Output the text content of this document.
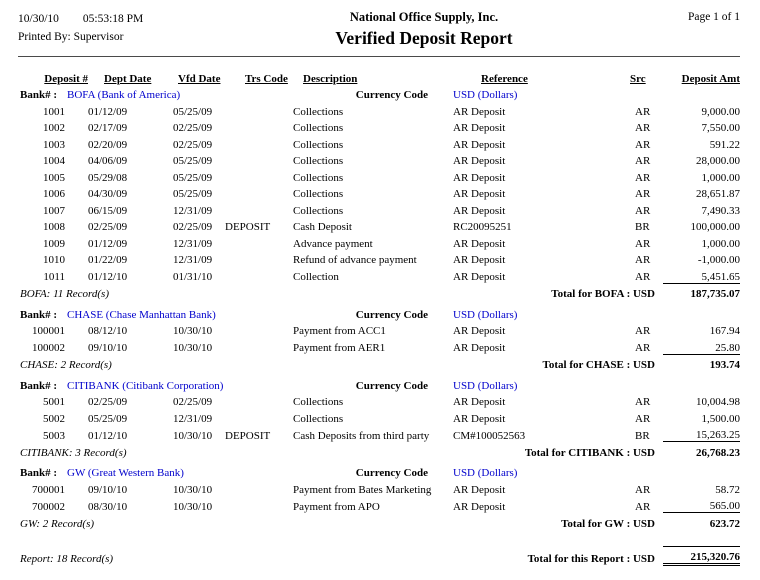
10/30/10 05:53:18 PM
Printed By: Supervisor
National Office Supply, Inc.
Verified Deposit Report
Page 1 of 1
Deposit #	Dept Date	Vfd Date	Trs Code	Description	Reference	Src	Deposit Amt
Bank# : BOFA (Bank of America)				Currency Code	USD (Dollars)		
1001	01/12/09	05/25/09		Collections	AR Deposit	AR	9,000.00
1002	02/17/09	02/25/09		Collections	AR Deposit	AR	7,550.00
1003	02/20/09	02/25/09		Collections	AR Deposit	AR	591.22
1004	04/06/09	05/25/09		Collections	AR Deposit	AR	28,000.00
1005	05/29/08	05/25/09		Collections	AR Deposit	AR	1,000.00
1006	04/30/09	05/25/09		Collections	AR Deposit	AR	28,651.87
1007	06/15/09	12/31/09		Collections	AR Deposit	AR	7,490.33
1008	02/25/09	02/25/09	DEPOSIT	Cash Deposit	RC20095251	BR	100,000.00
1009	01/12/09	12/31/09		Advance payment	AR Deposit	AR	1,000.00
1010	01/22/09	12/31/09		Refund of advance payment	AR Deposit	AR	-1,000.00
1011	01/12/10	01/31/10		Collection	AR Deposit	AR	5,451.65
BOFA: 11 Record(s)				Total for BOFA : USD			187,735.07

Bank# : CHASE (Chase Manhattan Bank)				Currency Code	USD (Dollars)		
100001	08/12/10	10/30/10		Payment from ACC1	AR Deposit	AR	167.94
100002	09/10/10	10/30/10		Payment from AER1	AR Deposit	AR	25.80
CHASE: 2 Record(s)				Total for CHASE : USD			193.74

Bank# : CITIBANK (Citibank Corporation)				Currency Code	USD (Dollars)		
5001	02/25/09	02/25/09		Collections	AR Deposit	AR	10,004.98
5002	05/25/09	12/31/09		Collections	AR Deposit	AR	1,500.00
5003	01/12/10	10/30/10	DEPOSIT	Cash Deposits from third party	CM#100052563	BR	15,263.25
CITIBANK: 3 Record(s)				Total for CITIBANK : USD			26,768.23

Bank# : GW (Great Western Bank)				Currency Code	USD (Dollars)		
700001	09/10/10	10/30/10		Payment from Bates Marketing	AR Deposit	AR	58.72
700002	08/30/10	10/30/10		Payment from APO	AR Deposit	AR	565.00
GW: 2 Record(s)				Total for GW : USD			623.72

Report: 18 Record(s)				Total for this Report : USD			215,320.76
